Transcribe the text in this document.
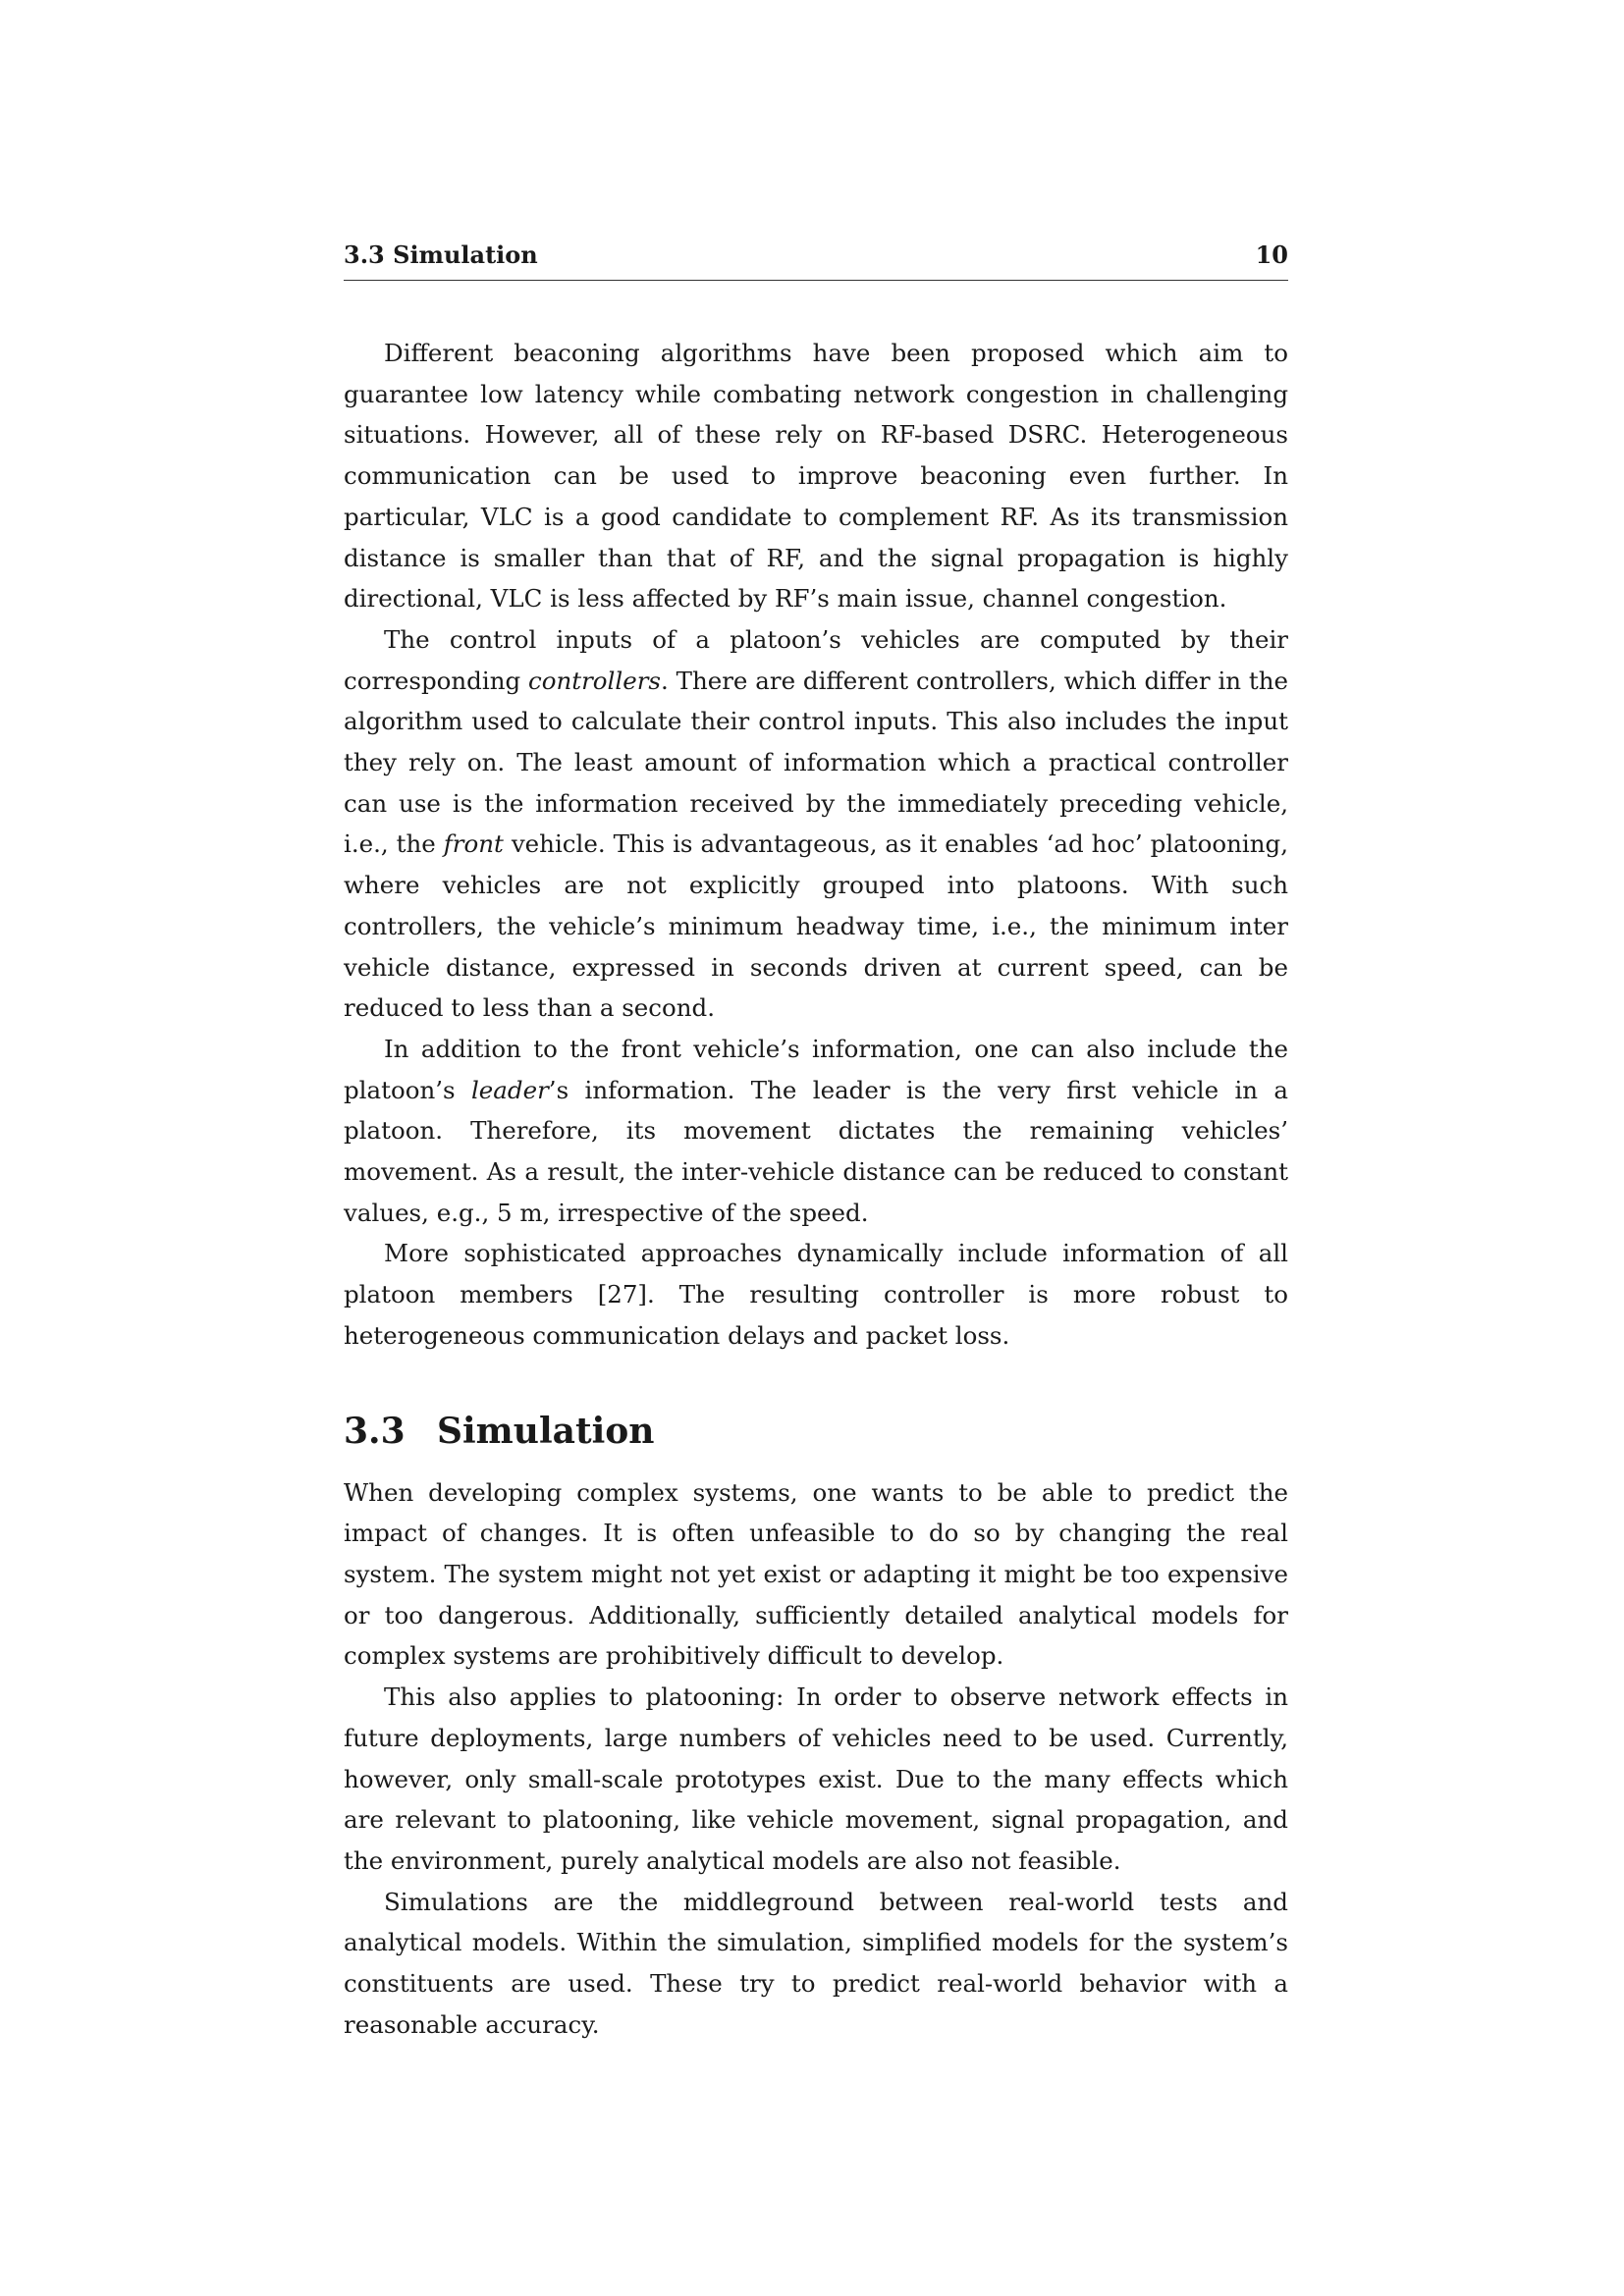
3.3 Simulation	10

Different beaconing algorithms have been proposed which aim to guarantee low latency while combating network congestion in challenging situations. However, all of these rely on RF-based DSRC. Heterogeneous communication can be used to improve beaconing even further. In particular, VLC is a good candidate to complement RF. As its transmission distance is smaller than that of RF, and the signal propagation is highly directional, VLC is less affected by RF’s main issue, channel congestion.

The control inputs of a platoon’s vehicles are computed by their corresponding controllers. There are different controllers, which differ in the algorithm used to calculate their control inputs. This also includes the input they rely on. The least amount of information which a practical controller can use is the information received by the immediately preceding vehicle, i.e., the front vehicle. This is advantageous, as it enables ‘ad hoc’ platooning, where vehicles are not explicitly grouped into platoons. With such controllers, the vehicle’s minimum headway time, i.e., the minimum inter vehicle distance, expressed in seconds driven at current speed, can be reduced to less than a second.

In addition to the front vehicle’s information, one can also include the platoon’s leader’s information. The leader is the very first vehicle in a platoon. Therefore, its movement dictates the remaining vehicles’ movement. As a result, the inter-vehicle distance can be reduced to constant values, e.g., 5 m, irrespective of the speed.

More sophisticated approaches dynamically include information of all platoon members [27]. The resulting controller is more robust to heterogeneous communication delays and packet loss.

3.3 Simulation

When developing complex systems, one wants to be able to predict the impact of changes. It is often unfeasible to do so by changing the real system. The system might not yet exist or adapting it might be too expensive or too dangerous. Additionally, sufficiently detailed analytical models for complex systems are prohibitively difficult to develop.

This also applies to platooning: In order to observe network effects in future deployments, large numbers of vehicles need to be used. Currently, however, only small-scale prototypes exist. Due to the many effects which are relevant to platooning, like vehicle movement, signal propagation, and the environment, purely analytical models are also not feasible.

Simulations are the middleground between real-world tests and analytical models. Within the simulation, simplified models for the system’s constituents are used. These try to predict real-world behavior with a reasonable accuracy.
